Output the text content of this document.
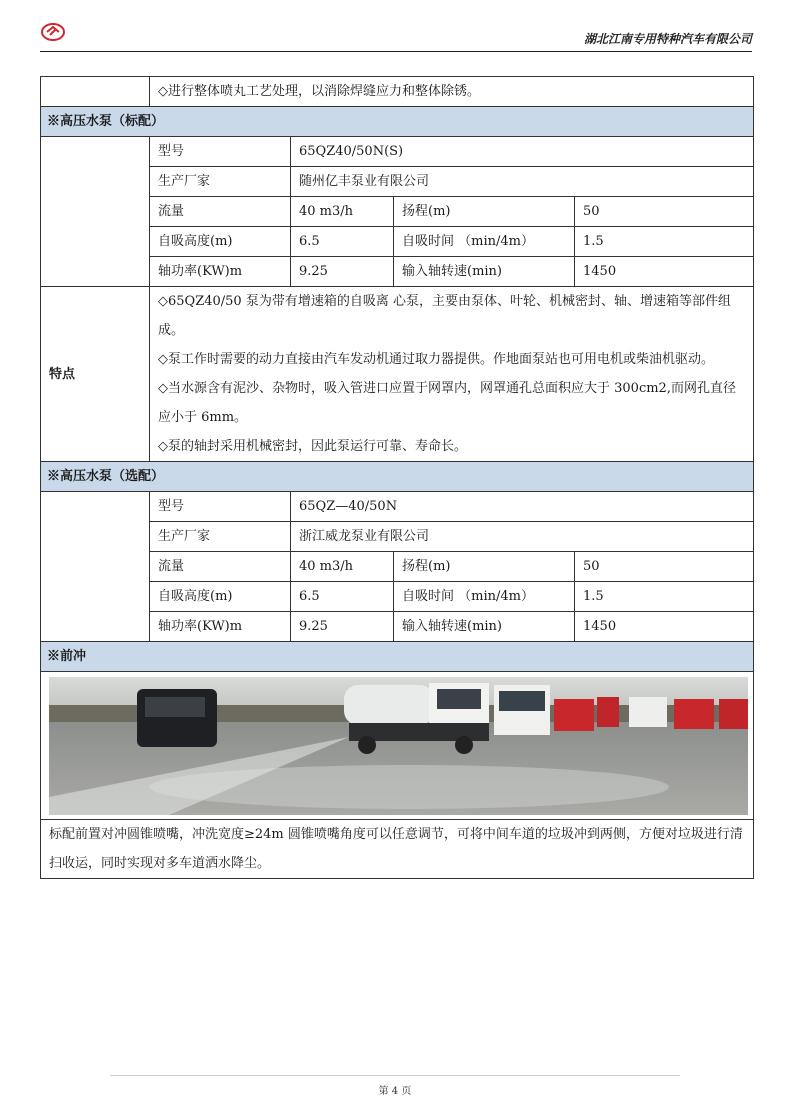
湖北江南专用特种汽车有限公司
	◇进行整体喷丸工艺处理，以消除焊缝应力和整体除锈。			
※高压水泵（标配）				
	型号	65QZ40/50N(S)		
	生产厂家	随州亿丰泵业有限公司		
	流量	40 m3/h	扬程(m)	50
	自吸高度(m)	6.5	自吸时间 （min/4m）	1.5
	轴功率(KW)m	9.25	输入轴转速(min)	1450
特点	◇65QZ40/50 泵为带有增速箱的自吸离 心泵，主要由泵体、叶轮、机械密封、轴、增速箱等部件组成。

◇泵工作时需要的动力直接由汽车发动机通过取力器提供。作地面泵站也可用电机或柴油机驱动。

◇当水源含有泥沙、杂物时，吸入管进口应置于网罩内，网罩通孔总面积应大于 300cm2,而网孔直径应小于 6mm。

◇泵的轴封采用机械密封，因此泵运行可靠、寿命长。			

※高压水泵（选配）				
	型号	65QZ—40/50N		
	生产厂家	浙江威龙泵业有限公司		
	流量	40 m3/h	扬程(m)	50
	自吸高度(m)	6.5	自吸时间 （min/4m）	1.5
	轴功率(KW)m	9.25	输入轴转速(min)	1450
※前冲				

标配前置对冲圆锥喷嘴，冲洗宽度≥24m 圆锥喷嘴角度可以任意调节，可将中间车道的垃圾冲到两侧，方便对垃圾进行清扫收运，同时实现对多车道洒水降尘。				
第 4 页
